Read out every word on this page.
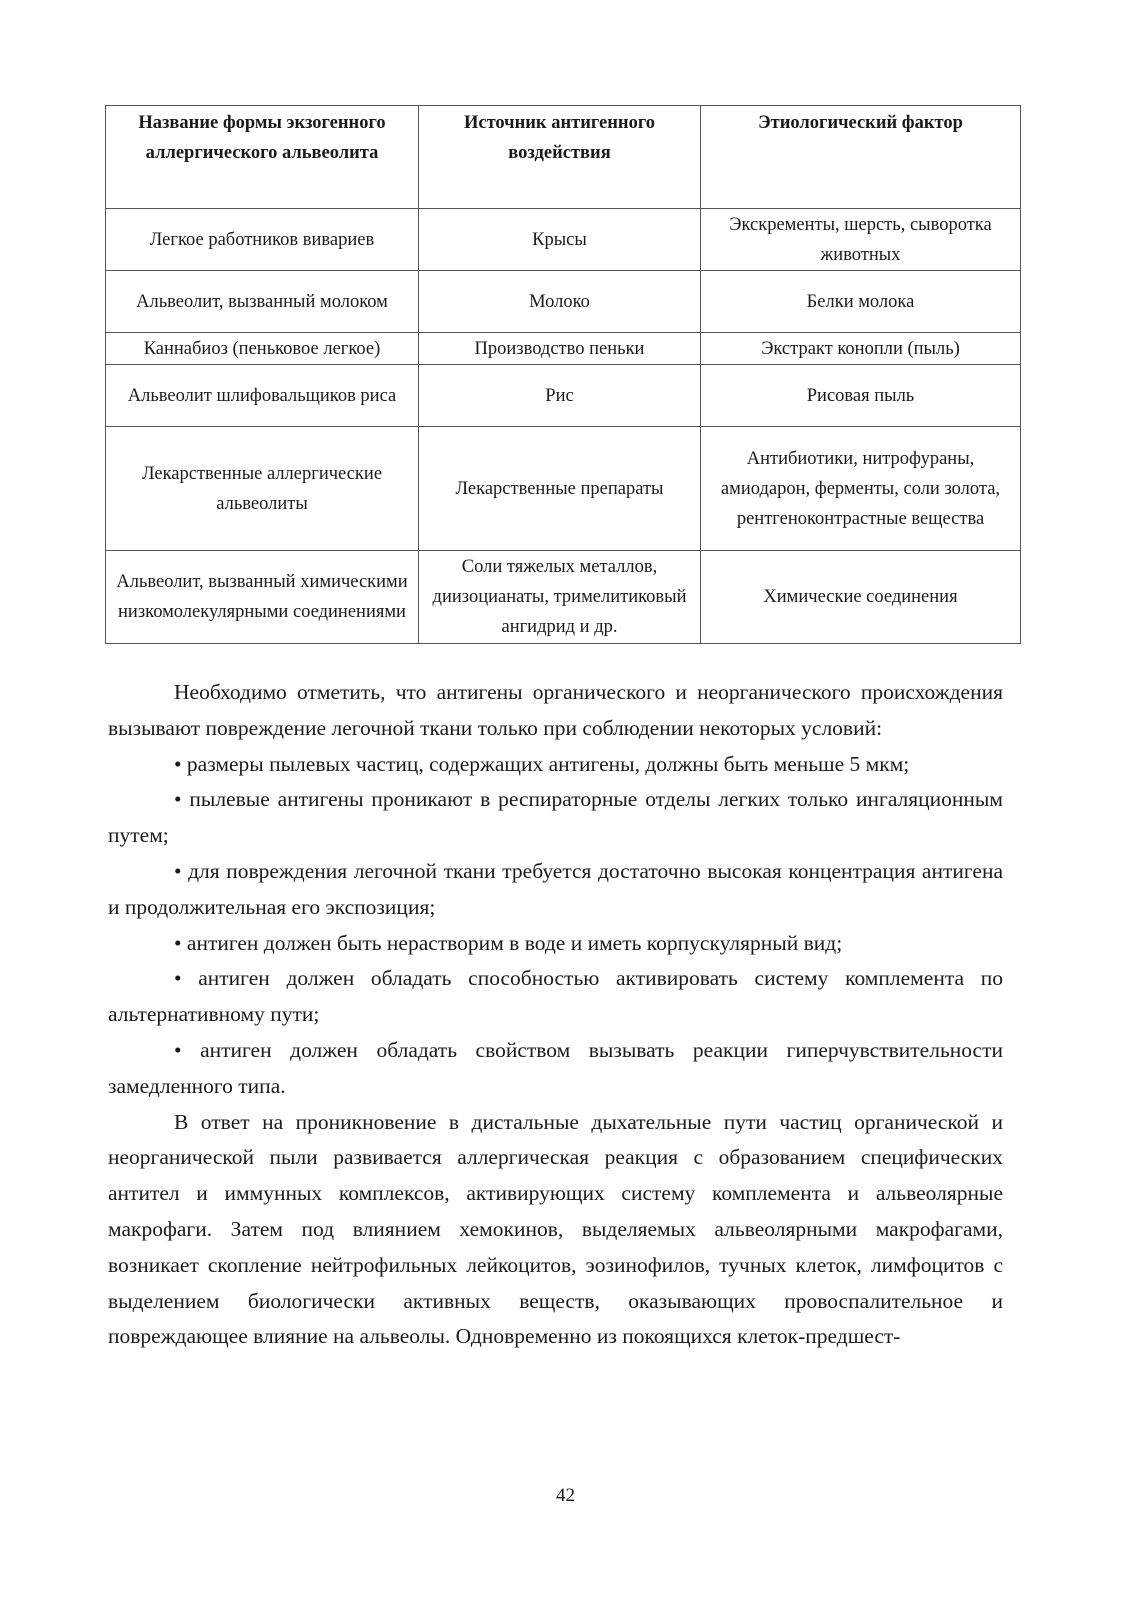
Название формы экзогенного аллергического альвеолита	Источник антигенного воздействия	Этиологический фактор
Легкое работников вивариев	Крысы	Экскременты, шерсть, сыворотка животных
Альвеолит, вызванный молоком	Молоко	Белки молока
Каннабиоз (пеньковое легкое)	Производство пеньки	Экстракт конопли (пыль)
Альвеолит шлифовальщиков риса	Рис	Рисовая пыль
Лекарственные аллергические альвеолиты	Лекарственные препараты	Антибиотики, нитрофураны, амиодарон, ферменты, соли золота, рентгеноконтрастные вещества
Альвеолит, вызванный химическими низкомолекулярными соединениями	Соли тяжелых металлов, диизоцианаты, тримелитиковый ангидрид и др.	Химические соединения

Необходимо отметить, что антигены органического и неорганического происхождения вызывают повреждение легочной ткани только при соблюдении некоторых условий:

• размеры пылевых частиц, содержащих антигены, должны быть меньше 5 мкм;

• пылевые антигены проникают в респираторные отделы легких только ингаляционным путем;

• для повреждения легочной ткани требуется достаточно высокая концентрация антигена и продолжительная его экспозиция;

• антиген должен быть нерастворим в воде и иметь корпускулярный вид;

• антиген должен обладать способностью активировать систему комплемента по альтернативному пути;

• антиген должен обладать свойством вызывать реакции гиперчувствительности замедленного типа.

В ответ на проникновение в дистальные дыхательные пути частиц органической и неорганической пыли развивается аллергическая реакция с образованием специфических антител и иммунных комплексов, активирующих систему комплемента и альвеолярные макрофаги. Затем под влиянием хемокинов, выделяемых альвеолярными макрофагами, возникает скопление нейтрофильных лейкоцитов, эозинофилов, тучных клеток, лимфоцитов с выделением биологически активных веществ, оказывающих провоспалительное и повреждающее влияние на альвеолы. Одновременно из покоящихся клеток-предшест-

42
